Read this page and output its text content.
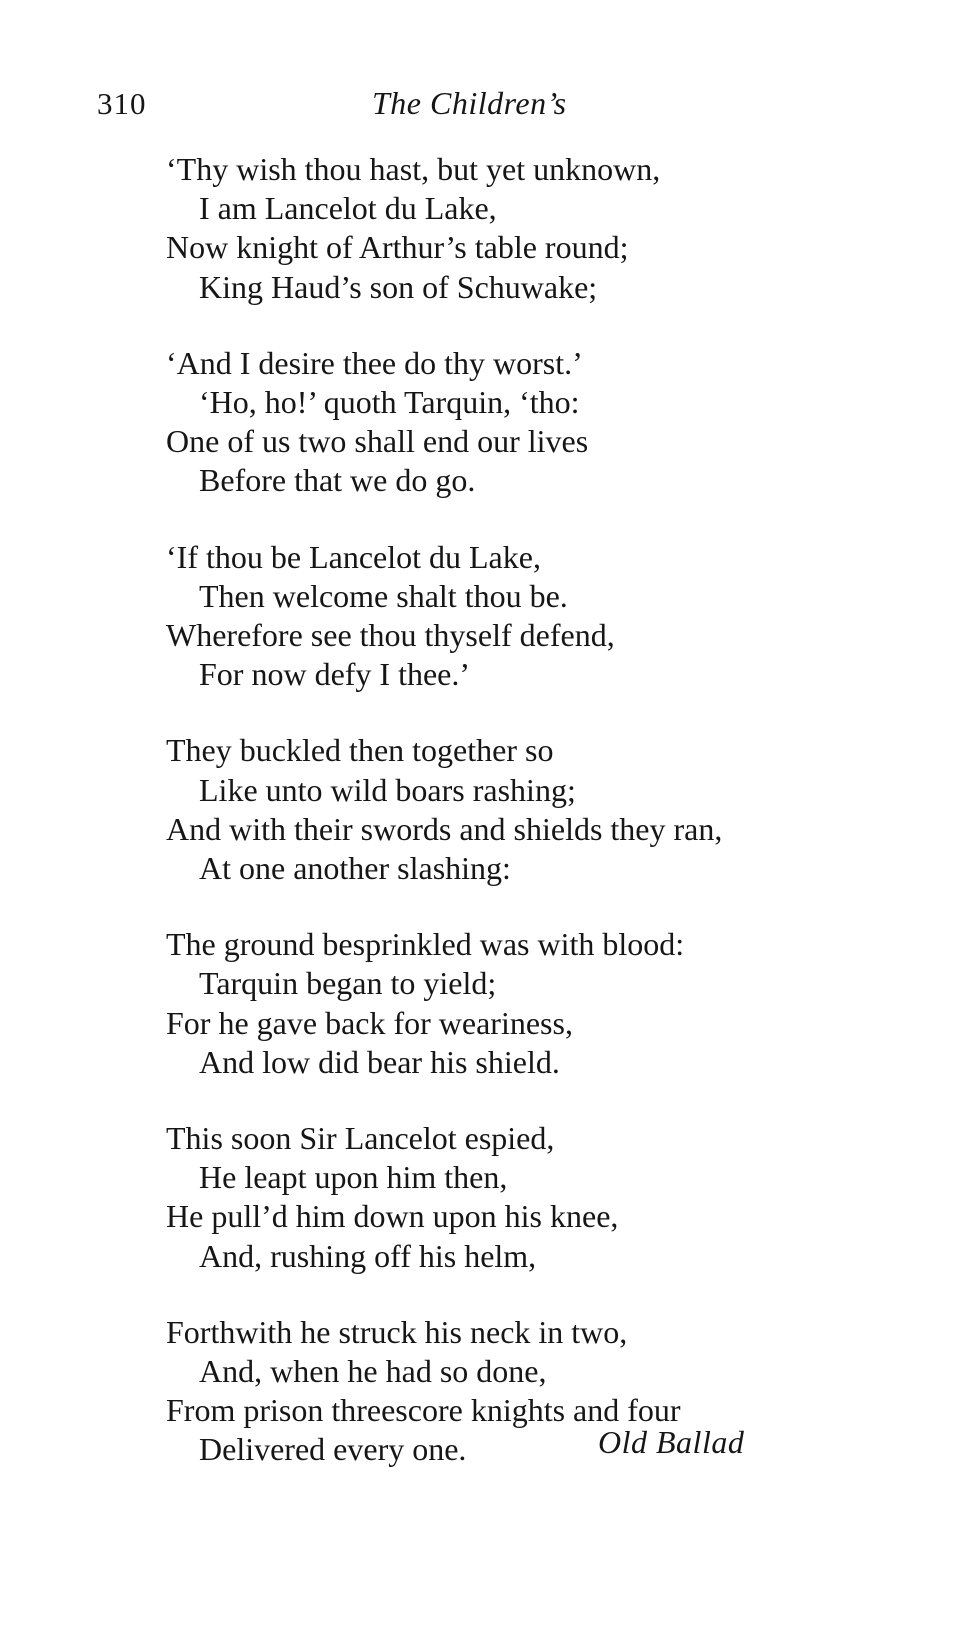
310	The Children’s
‘Thy wish thou hast, but yet unknown,
I am Lancelot du Lake,
Now knight of Arthur’s table round;
King Haud’s son of Schuwake;
‘And I desire thee do thy worst.’
‘Ho, ho!’ quoth Tarquin, ‘tho:
One of us two shall end our lives
Before that we do go.
‘If thou be Lancelot du Lake,
Then welcome shalt thou be.
Wherefore see thou thyself defend,
For now defy I thee.’
They buckled then together so
Like unto wild boars rashing;
And with their swords and shields they ran,
At one another slashing:
The ground besprinkled was with blood:
Tarquin began to yield;
For he gave back for weariness,
And low did bear his shield.
This soon Sir Lancelot espied,
He leapt upon him then,
He pull’d him down upon his knee,
And, rushing off his helm,
Forthwith he struck his neck in two,
And, when he had so done,
From prison threescore knights and four
Delivered every one.	Old Ballad
